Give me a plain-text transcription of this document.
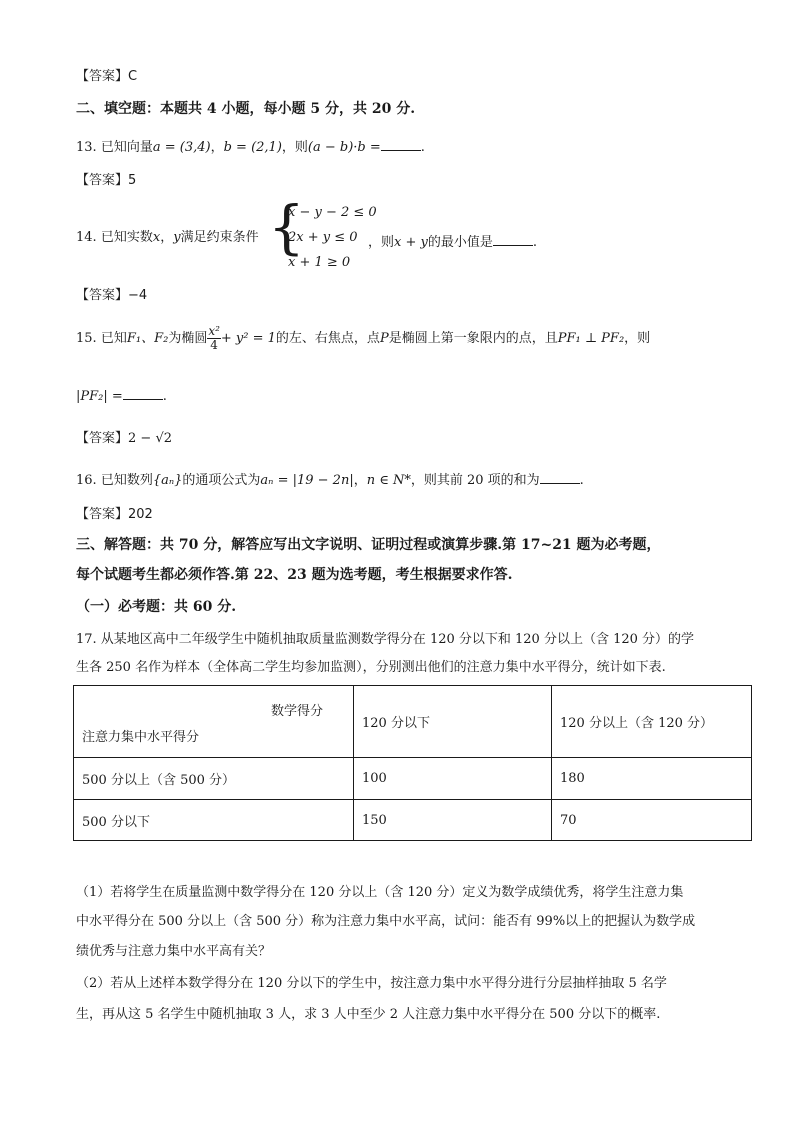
【答案】C
二、填空题：本题共 4 小题，每小题 5 分，共 20 分.
13. 已知向量a = (3,4)，b = (2,1)，则(a − b)·b =	.
【答案】5
14. 已知实数x，y满足约束条件 {
x − y − 2 ≤ 0
2x + y ≤ 0
x + 1 ≥ 0
，则x + y的最小值是	.
【答案】−4
15. 已知F₁、F₂为椭圆 $\frac{\text{x²}}{4} + y^2 = 1$的左、右焦点，点P是椭圆上第一象限内的点，且PF₁ ⊥ PF₂，则
|PF₂| =	.
【答案】2 − √2
16. 已知数列{aₙ}的通项公式为aₙ = |19 − 2n|，n ∈ N*，则其前 20 项的和为	.
【答案】202
三、解答题：共 70 分，解答应写出文字说明、证明过程或演算步骤.第 17~21 题为必考题，
每个试题考生都必须作答.第 22、23 题为选考题，考生根据要求作答.
（一）必考题：共 60 分.
17. 从某地区高中二年级学生中随机抽取质量监测数学得分在 120 分以下和 120 分以上（含 120 分）的学
生各 250 名作为样本（全体高二学生均参加监测），分别测出他们的注意力集中水平得分，统计如下表.
数学得分
注意力集中水平得分	120 分以下	120 分以上（含 120 分）
500 分以上（含 500 分）	100	180
500 分以下	150	70
（1）若将学生在质量监测中数学得分在 120 分以上（含 120 分）定义为数学成绩优秀，将学生注意力集
中水平得分在 500 分以上（含 500 分）称为注意力集中水平高，试问：能否有 99%以上的把握认为数学成
绩优秀与注意力集中水平高有关？
（2）若从上述样本数学得分在 120 分以下的学生中，按注意力集中水平得分进行分层抽样抽取 5 名学
生，再从这 5 名学生中随机抽取 3 人，求 3 人中至少 2 人注意力集中水平得分在 500 分以下的概率.
